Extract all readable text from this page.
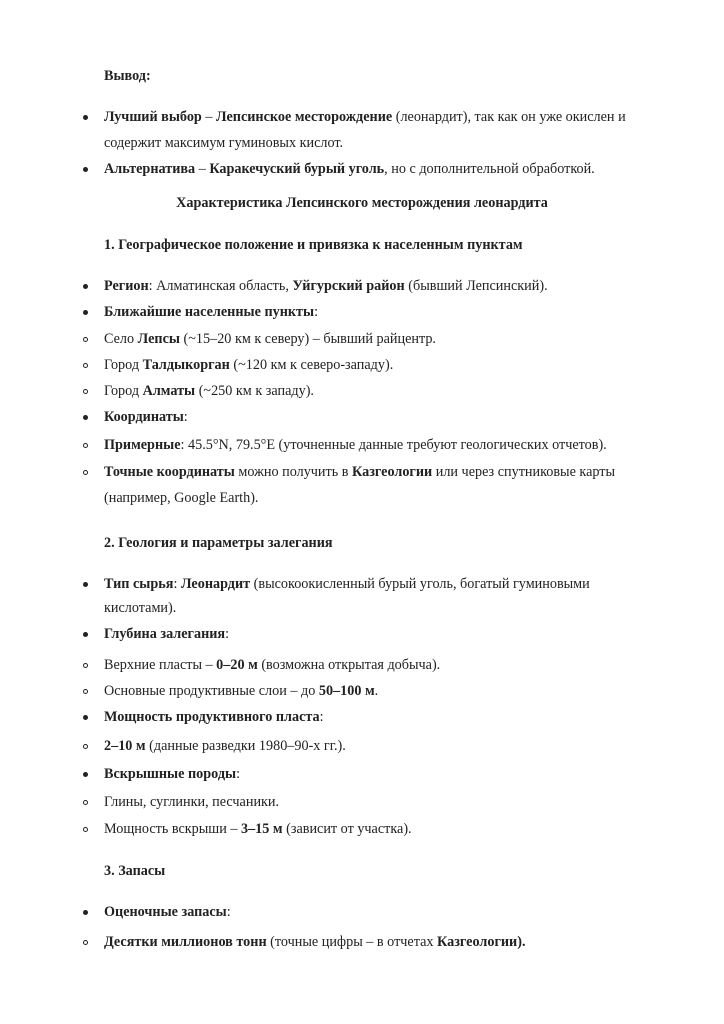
Вывод:
Лучший выбор – Лепсинское месторождение (леонардит), так как он уже окислен и
содержит максимум гуминовых кислот.
Альтернатива – Каракечуский бурый уголь, но с дополнительной обработкой.
Характеристика Лепсинского месторождения леонардита
1. Географическое положение и привязка к населенным пунктам
Регион: Алматинская область, Уйгурский район (бывший Лепсинский).
Ближайшие населенные пункты:
Село Лепсы (~15–20 км к северу) – бывший райцентр.
Город Талдыкорган (~120 км к северо-западу).
Город Алматы (~250 км к западу).
Координаты:
Примерные: 45.5°N, 79.5°E (уточненные данные требуют геологических отчетов).
Точные координаты можно получить в Казгеологии или через спутниковые карты
(например, Google Earth).
2. Геология и параметры залегания
Тип сырья: Леонардит (высокоокисленный бурый уголь, богатый гуминовыми
кислотами).
Глубина залегания:
Верхние пласты – 0–20 м (возможна открытая добыча).
Основные продуктивные слои – до 50–100 м.
Мощность продуктивного пласта:
2–10 м (данные разведки 1980–90-х гг.).
Вскрышные породы:
Глины, суглинки, песчаники.
Мощность вскрыши – 3–15 м (зависит от участка).
3. Запасы
Оценочные запасы:
Десятки миллионов тонн (точные цифры – в отчетах Казгеологии).
